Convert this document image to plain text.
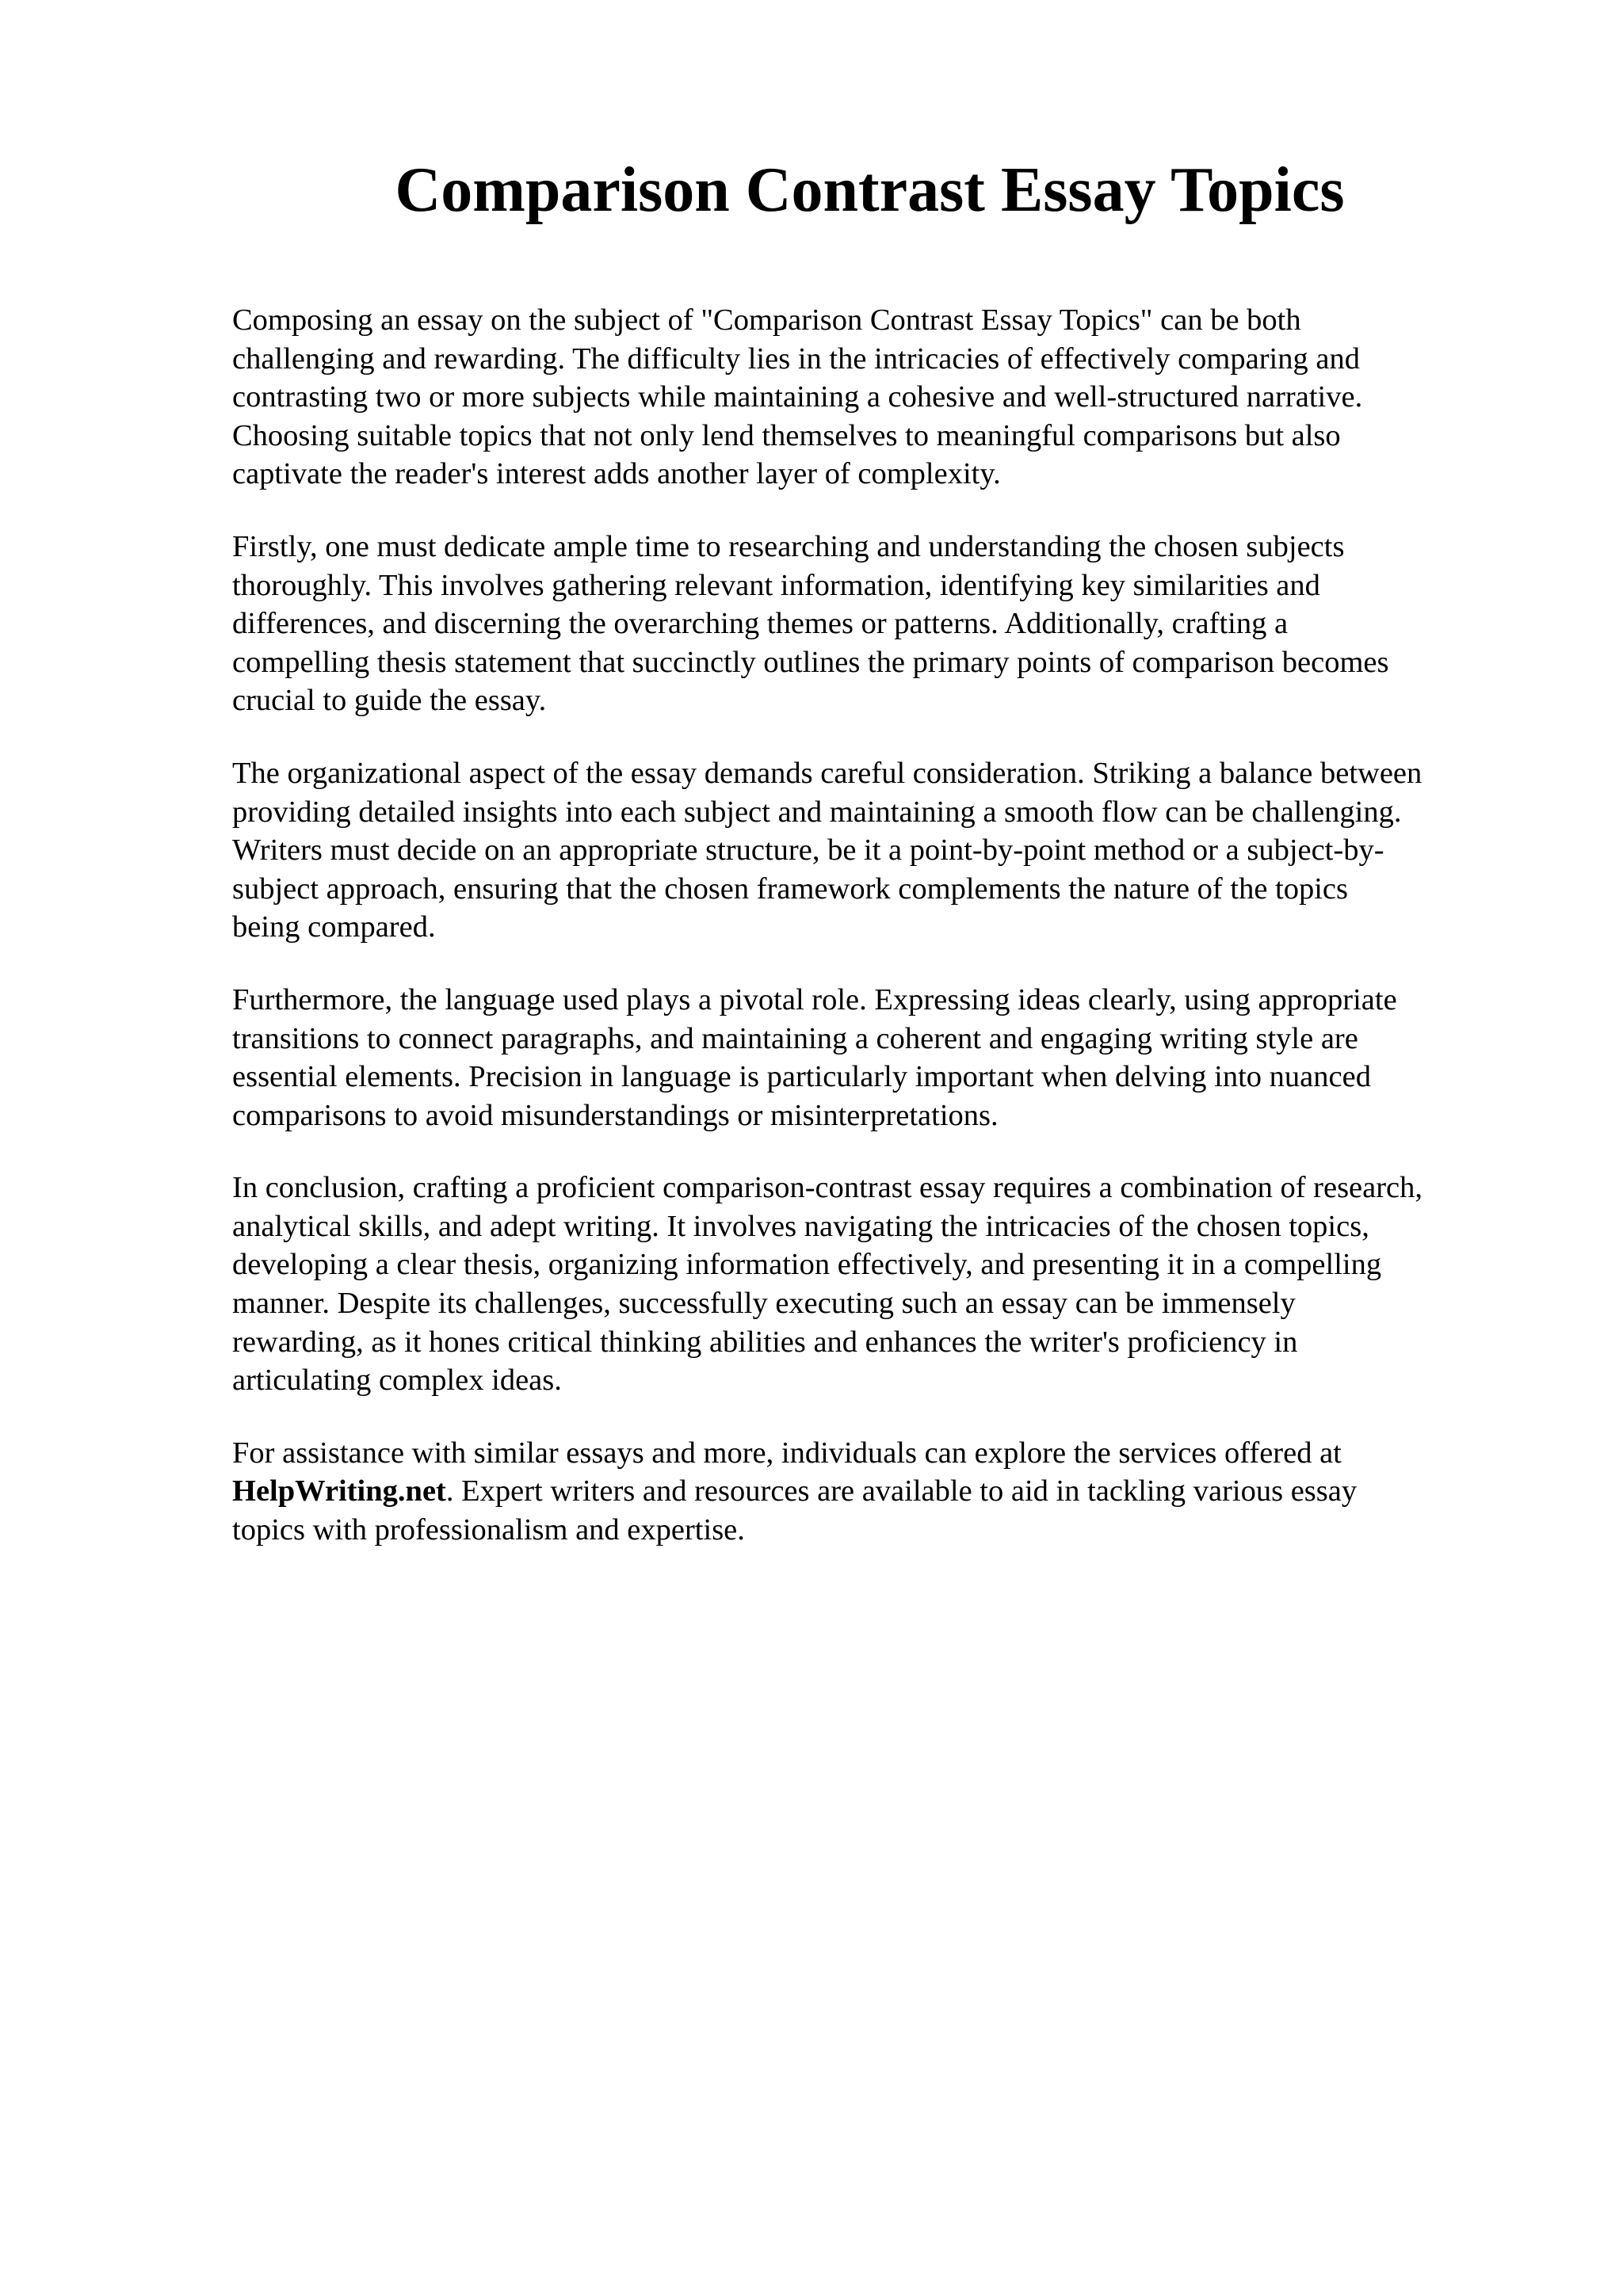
Comparison Contrast Essay Topics

Composing an essay on the subject of "Comparison Contrast Essay Topics" can be both
challenging and rewarding. The difficulty lies in the intricacies of effectively comparing and
contrasting two or more subjects while maintaining a cohesive and well-structured narrative.
Choosing suitable topics that not only lend themselves to meaningful comparisons but also
captivate the reader's interest adds another layer of complexity.

Firstly, one must dedicate ample time to researching and understanding the chosen subjects
thoroughly. This involves gathering relevant information, identifying key similarities and
differences, and discerning the overarching themes or patterns. Additionally, crafting a
compelling thesis statement that succinctly outlines the primary points of comparison becomes
crucial to guide the essay.

The organizational aspect of the essay demands careful consideration. Striking a balance between
providing detailed insights into each subject and maintaining a smooth flow can be challenging.
Writers must decide on an appropriate structure, be it a point-by-point method or a subject-by-
subject approach, ensuring that the chosen framework complements the nature of the topics
being compared.

Furthermore, the language used plays a pivotal role. Expressing ideas clearly, using appropriate
transitions to connect paragraphs, and maintaining a coherent and engaging writing style are
essential elements. Precision in language is particularly important when delving into nuanced
comparisons to avoid misunderstandings or misinterpretations.

In conclusion, crafting a proficient comparison-contrast essay requires a combination of research,
analytical skills, and adept writing. It involves navigating the intricacies of the chosen topics,
developing a clear thesis, organizing information effectively, and presenting it in a compelling
manner. Despite its challenges, successfully executing such an essay can be immensely
rewarding, as it hones critical thinking abilities and enhances the writer's proficiency in
articulating complex ideas.

For assistance with similar essays and more, individuals can explore the services offered at
HelpWriting.net. Expert writers and resources are available to aid in tackling various essay
topics with professionalism and expertise.
